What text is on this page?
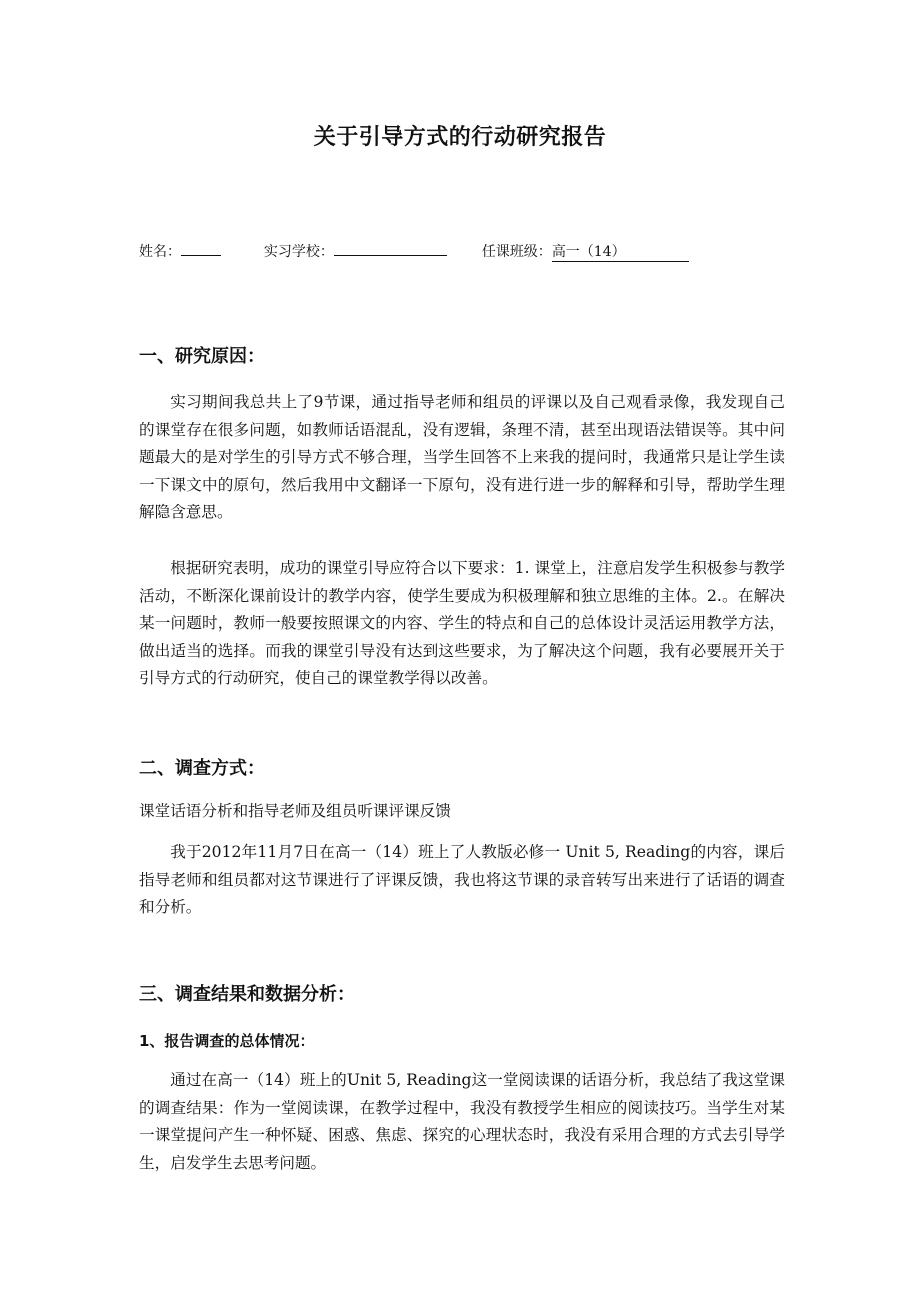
关于引导方式的行动研究报告
姓名：	实习学校：	任课班级：高一（14）
一、研究原因：
实习期间我总共上了9节课，通过指导老师和组员的评课以及自己观看录像，我发现自己的课堂存在很多问题，如教师话语混乱，没有逻辑，条理不清，甚至出现语法错误等。其中问题最大的是对学生的引导方式不够合理，当学生回答不上来我的提问时，我通常只是让学生读一下课文中的原句，然后我用中文翻译一下原句，没有进行进一步的解释和引导，帮助学生理解隐含意思。
根据研究表明，成功的课堂引导应符合以下要求：1. 课堂上，注意启发学生积极参与教学活动，不断深化课前设计的教学内容，使学生要成为积极理解和独立思维的主体。2.。在解决某一问题时，教师一般要按照课文的内容、学生的特点和自己的总体设计灵活运用教学方法，做出适当的选择。而我的课堂引导没有达到这些要求，为了解决这个问题，我有必要展开关于引导方式的行动研究，使自己的课堂教学得以改善。
二、调查方式：
课堂话语分析和指导老师及组员听课评课反馈
我于2012年11月7日在高一（14）班上了人教版必修一 Unit 5, Reading的内容，课后指导老师和组员都对这节课进行了评课反馈，我也将这节课的录音转写出来进行了话语的调查和分析。
三、调查结果和数据分析：
1、报告调查的总体情况：
通过在高一（14）班上的Unit 5, Reading这一堂阅读课的话语分析，我总结了我这堂课的调查结果：作为一堂阅读课，在教学过程中，我没有教授学生相应的阅读技巧。当学生对某一课堂提问产生一种怀疑、困惑、焦虑、探究的心理状态时，我没有采用合理的方式去引导学生，启发学生去思考问题。
